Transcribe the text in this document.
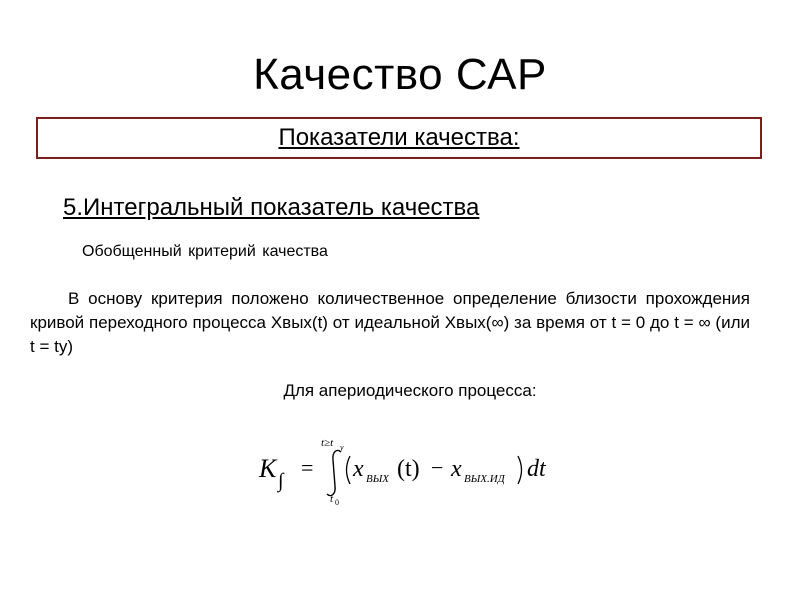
Качество САР
Показатели качества:
5.Интегральный показатель качества
Обобщенный критерий качества
В основу критерия положено количественное определение близости прохождения кривой переходного процесса Хвых(t) от идеальной Хвых(∞) за время от t = 0 до t = ∞ (или t = tу)
Для апериодического процесса:
K ∫
=
t≥t у
t 0
x ВЫХ (t) − x ВЫХ.ИД dt
